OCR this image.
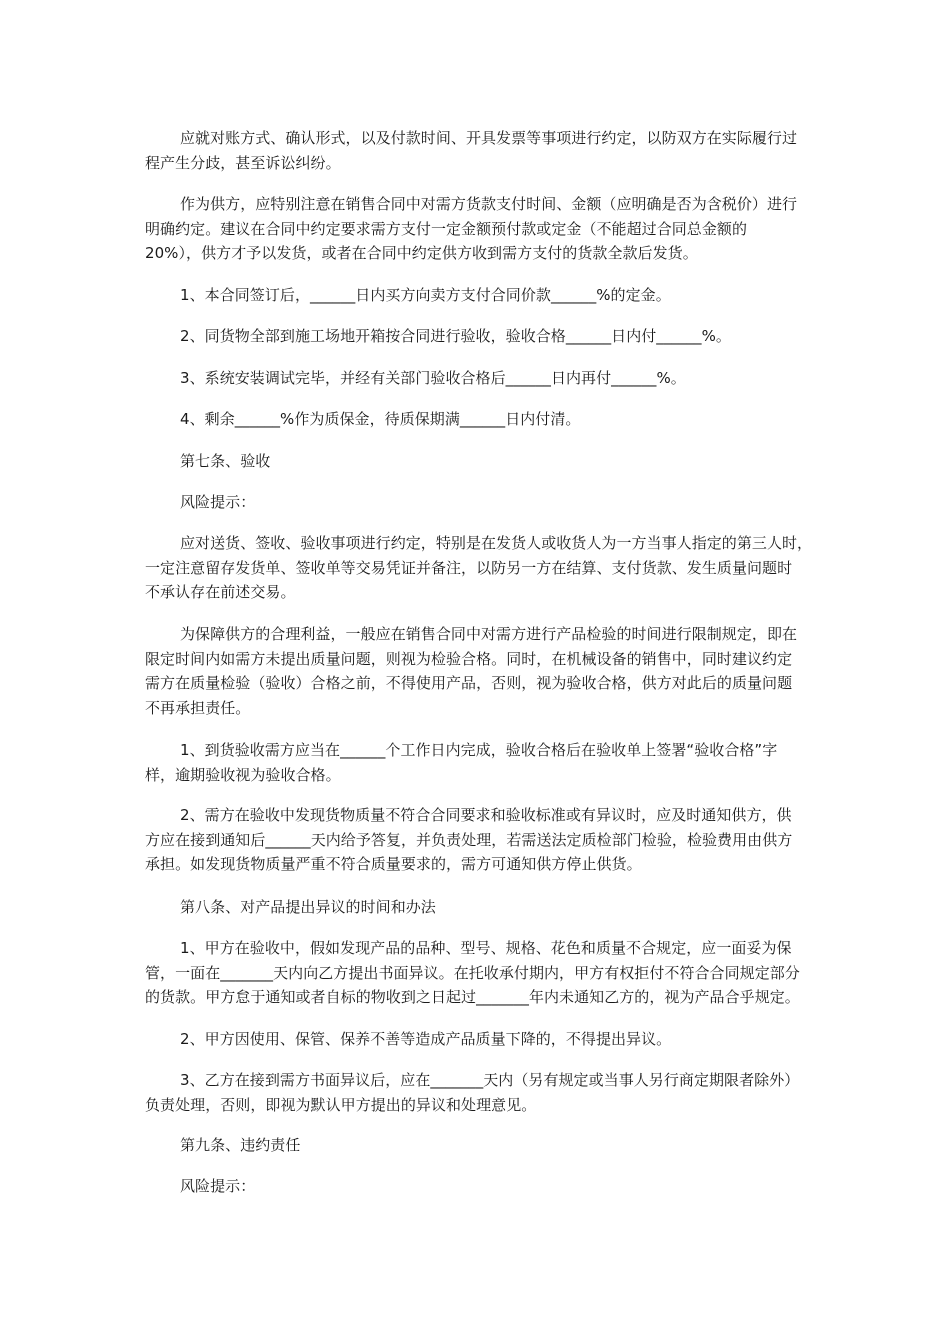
应就对账方式、确认形式，以及付款时间、开具发票等事项进行约定，以防双方在实际履行过
程产生分歧，甚至诉讼纠纷。

作为供方，应特别注意在销售合同中对需方货款支付时间、金额（应明确是否为含税价）进行
明确约定。建议在合同中约定要求需方支付一定金额预付款或定金（不能超过合同总金额的
20%），供方才予以发货，或者在合同中约定供方收到需方支付的货款全款后发货。

1、本合同签订后，______日内买方向卖方支付合同价款______%的定金。

2、同货物全部到施工场地开箱按合同进行验收，验收合格______日内付______%。

3、系统安装调试完毕，并经有关部门验收合格后______日内再付______%。

4、剩余______%作为质保金，待质保期满______日内付清。

第七条、验收

风险提示：

应对送货、签收、验收事项进行约定，特别是在发货人或收货人为一方当事人指定的第三人时，
一定注意留存发货单、签收单等交易凭证并备注，以防另一方在结算、支付货款、发生质量问题时
不承认存在前述交易。

为保障供方的合理利益，一般应在销售合同中对需方进行产品检验的时间进行限制规定，即在
限定时间内如需方未提出质量问题，则视为检验合格。同时，在机械设备的销售中，同时建议约定
需方在质量检验（验收）合格之前，不得使用产品，否则，视为验收合格，供方对此后的质量问题
不再承担责任。

1、到货验收需方应当在______个工作日内完成，验收合格后在验收单上签署“验收合格”字
样，逾期验收视为验收合格。

2、需方在验收中发现货物质量不符合合同要求和验收标准或有异议时，应及时通知供方，供
方应在接到通知后______天内给予答复，并负责处理，若需送法定质检部门检验，检验费用由供方
承担。如发现货物质量严重不符合质量要求的，需方可通知供方停止供货。

第八条、对产品提出异议的时间和办法

1、甲方在验收中，假如发现产品的品种、型号、规格、花色和质量不合规定，应一面妥为保
管，一面在_______天内向乙方提出书面异议。在托收承付期内，甲方有权拒付不符合合同规定部分
的货款。甲方怠于通知或者自标的物收到之日起过_______年内未通知乙方的，视为产品合乎规定。

2、甲方因使用、保管、保养不善等造成产品质量下降的，不得提出异议。

3、乙方在接到需方书面异议后，应在_______天内（另有规定或当事人另行商定期限者除外）
负责处理，否则，即视为默认甲方提出的异议和处理意见。

第九条、违约责任

风险提示：
